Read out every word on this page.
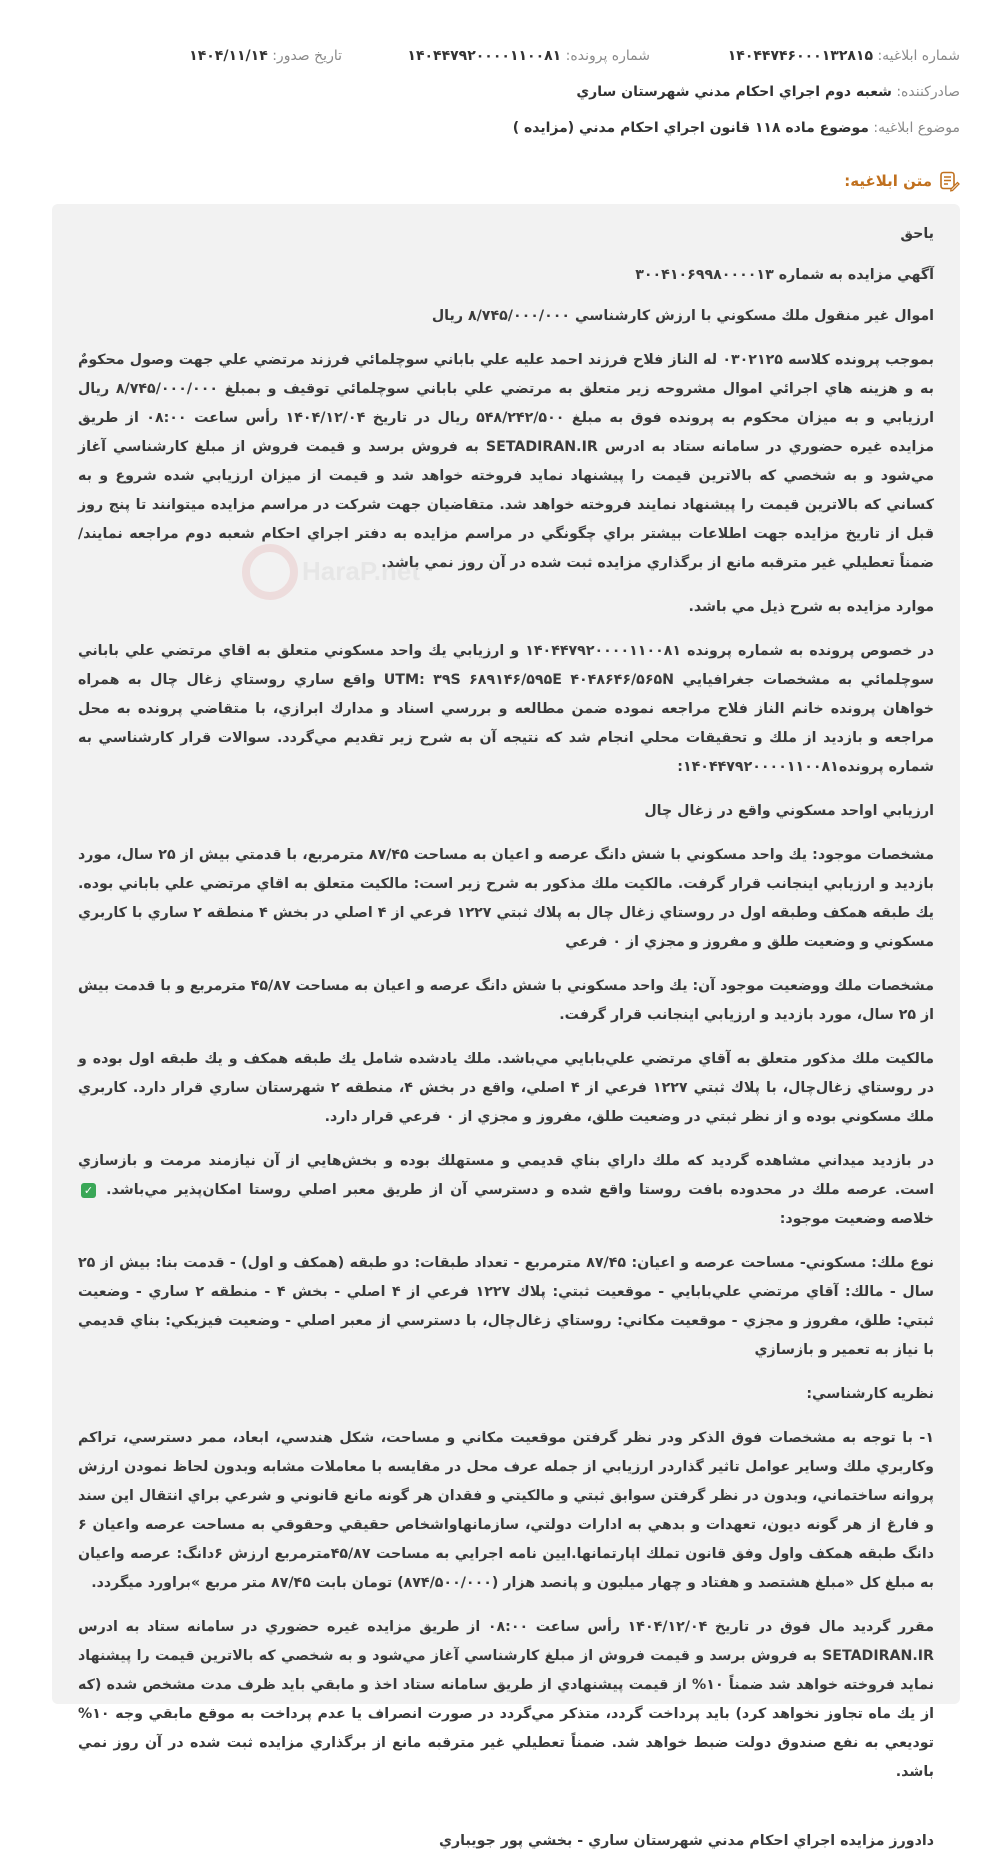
شماره ابلاغيه: ۱۴۰۴۴۷۴۶۰۰۰۱۳۲۸۱۵
شماره پرونده: ۱۴۰۴۴۷۹۲۰۰۰۰۱۱۰۰۸۱
تاریخ صدور: ۱۴۰۴/۱۱/۱۴
صادرکننده: شعبه دوم اجراي احكام مدني شهرستان ساري
موضوع ابلاغيه: موضوع ماده ۱۱۸ قانون اجراي احكام مدني (مزايده )
متن ابلاغيه:
HaraP.net

ياحق

آگهي مزايده به شماره ۳۰۰۴۱۰۶۹۹۸۰۰۰۰۱۳

اموال غير منقول ملك مسكوني با ارزش كارشناسي ۸/۷۴۵/۰۰۰/۰۰۰ ريال

بموجب پرونده كلاسه ۰۳۰۲۱۲۵ له الناز فلاح فرزند احمد عليه علي باباني سوچلمائي فرزند مرتضي علي جهت وصول محكومٌ به و هزينه هاي اجرائي اموال مشروحه زير متعلق به مرتضي علي باباني سوچلمائي توقيف و بمبلغ ۸/۷۴۵/۰۰۰/۰۰۰ ريال ارزيابي و به ميزان محكوم به پرونده فوق به مبلغ ۵۴۸/۲۴۲/۵۰۰ ريال در تاريخ ۱۴۰۴/۱۲/۰۴ رأس ساعت ۰۸:۰۰ از طريق مزايده غيره حضوري در سامانه ستاد به ادرس SETADIRAN.IR به فروش برسد و قيمت فروش از مبلغ كارشناسي آغاز مي‌شود و به شخصي كه بالاترين قيمت را پيشنهاد نمايد فروخته خواهد شد و قيمت از ميزان ارزيابي شده شروع و به كساني كه بالاترين قيمت را پيشنهاد نمايند فروخته خواهد شد. متقاضيان جهت شركت در مراسم مزايده ميتوانند تا پنج روز قبل از تاريخ مزايده جهت اطلاعات بيشتر براي چگونگي در مراسم مزايده به دفتر اجراي احكام شعبه دوم مراجعه نمايند/ ضمناً تعطيلي غير مترقبه مانع از برگذاري مزايده ثبت شده در آن روز نمي باشد.

موارد مزايده به شرح ذيل مي باشد.

در خصوص پرونده به شماره پرونده ۱۴۰۴۴۷۹۲۰۰۰۰۱۱۰۰۸۱ و ارزيابي يك واحد مسكوني متعلق به اقاي مرتضي علي باباني سوچلمائي به مشخصات جغرافيايي UTM: ۳۹S ۶۸۹۱۴۶/۵۹۵E ۴۰۴۸۶۴۶/۵۶۵N واقع ساري روستاي زغال چال به همراه خواهان پرونده خانم الناز فلاح مراجعه نموده ضمن مطالعه و بررسي اسناد و مدارك ابرازي، با متقاضي پرونده به محل مراجعه و بازديد از ملك و تحقيقات محلي انجام شد كه نتيجه آن به شرح زير تقديم مي‌گردد. سوالات قرار كارشناسي به شماره پرونده۱۴۰۴۴۷۹۲۰۰۰۰۱۱۰۰۸۱:

ارزيابي اواحد مسكوني واقع در زغال چال

مشخصات موجود: يك واحد مسكوني با شش دانگ عرصه و اعيان به مساحت ۸۷/۴۵ مترمربع، با قدمتي بيش از ۲۵ سال، مورد بازديد و ارزيابي اينجانب قرار گرفت. مالكيت ملك مذكور به شرح زير است: مالكيت متعلق به اقاي مرتضي علي باباني بوده. يك طبقه همكف وطبقه اول در روستاي زغال چال به پلاك ثبتي ۱۲۲۷ فرعي از ۴ اصلي در بخش ۴ منطقه ۲ ساري با كاربري مسكوني و وضعيت طلق و مفروز و مجزي از ۰ فرعي

مشخصات ملك ووضعيت موجود آن: يك واحد مسكوني با شش دانگ عرصه و اعيان به مساحت ۴۵/۸۷ مترمربع و با قدمت بيش از ۲۵ سال، مورد بازديد و ارزيابي اينجانب قرار گرفت.

مالكيت ملك مذكور متعلق به آقاي مرتضي علي‌بابايي مي‌باشد. ملك يادشده شامل يك طبقه همكف و يك طبقه اول بوده و در روستاي زغال‌چال، با پلاك ثبتي ۱۲۲۷ فرعي از ۴ اصلي، واقع در بخش ۴، منطقه ۲ شهرستان ساري قرار دارد. كاربري ملك مسكوني بوده و از نظر ثبتي در وضعيت طلق، مفروز و مجزي از ۰ فرعي قرار دارد.

در بازديد ميداني مشاهده گرديد كه ملك داراي بناي قديمي و مستهلك بوده و بخش‌هايي از آن نيازمند مرمت و بازسازي است. عرصه ملك در محدوده بافت روستا واقع شده و دسترسي آن از طريق معبر اصلي روستا امكان‌پذير مي‌باشد. ✓ خلاصه وضعيت موجود:

نوع ملك: مسكوني- مساحت عرصه و اعيان: ۸۷/۴۵ مترمربع - تعداد طبقات: دو طبقه (همكف و اول) - قدمت بنا: بيش از ۲۵ سال - مالك: آقاي مرتضي علي‌بابايي - موقعيت ثبتي: پلاك ۱۲۲۷ فرعي از ۴ اصلي - بخش ۴ - منطقه ۲ ساري - وضعيت ثبتي: طلق، مفروز و مجزي - موقعيت مكاني: روستاي زغال‌چال، با دسترسي از معبر اصلي - وضعيت فيزيكي: بناي قديمي با نياز به تعمير و بازسازي

نظريه كارشناسي:

۱- با توجه به مشخصات فوق الذكر ودر نظر گرفتن موقعيت مكاني و مساحت، شكل هندسي، ابعاد، ممر دسترسي، تراكم وكاربري ملك وساير عوامل تاثير گذاردر ارزيابي از جمله عرف محل در مقايسه با معاملات مشابه وبدون لحاظ نمودن ارزش پروانه ساختماني، وبدون در نظر گرفتن سوابق ثبتي و مالكيتي و فقدان هر گونه مانع قانوني و شرعي براي انتقال اين سند و فارغ از هر گونه ديون، تعهدات و بدهي به ادارات دولتي، سازمانهاواشخاص حقيقي وحقوقي به مساحت عرصه واعيان ۶ دانگ طبقه همكف واول وفق قانون تملك اپارتمانها.ايين نامه اجرايي به مساحت ۴۵/۸۷مترمربع ارزش ۶دانگ: عرصه واعيان به مبلغ كل «مبلغ هشتصد و هفتاد و چهار ميليون و پانصد هزار (۸۷۴/۵۰۰/۰۰۰) تومان بابت ۸۷/۴۵ متر مربع »براورد ميگردد.

مقرر گرديد مال فوق در تاريخ ۱۴۰۴/۱۲/۰۴ رأس ساعت ۰۸:۰۰ از طريق مزايده غيره حضوري در سامانه ستاد به ادرس SETADIRAN.IR به فروش برسد و قيمت فروش از مبلغ كارشناسي آغاز مي‌شود و به شخصي كه بالاترين قيمت را پيشنهاد نمايد فروخته خواهد شد ضمناً ۱۰% از قيمت پيشنهادي از طريق سامانه ستاد اخذ و مابقي بايد ظرف مدت مشخص شده (كه از يك ماه تجاوز نخواهد كرد) بايد پرداخت گردد، متذكر مي‌گردد در صورت انصراف يا عدم پرداخت به موقع مابقي وجه ۱۰% توديعي به نفع صندوق دولت ضبط خواهد شد. ضمناً تعطيلي غير مترقبه مانع از برگذاري مزايده ثبت شده در آن روز نمي باشد.

دادورز مزايده اجراي احكام مدني شهرستان ساري - بخشي پور جويباري
